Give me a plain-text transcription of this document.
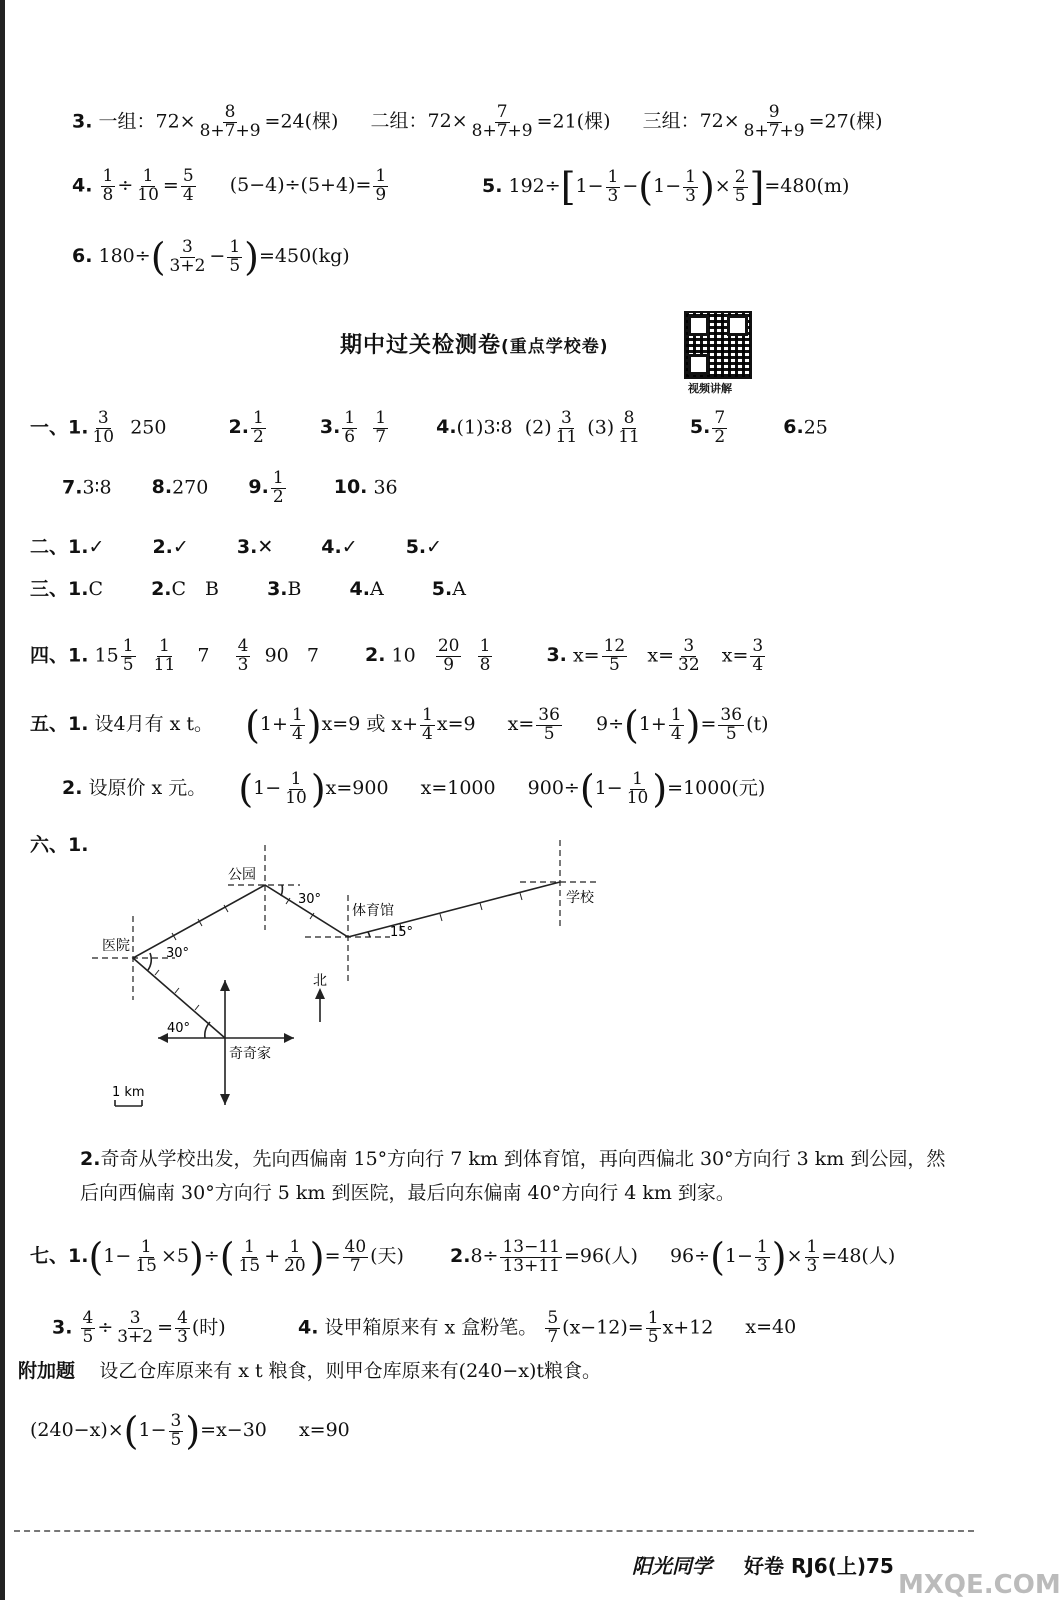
3. 一组：$72\times \frac{8}{8+7+9} =24$(棵) 二组：$72\times \frac{7}{8+7+9} =21$(棵) 三组：$72\times \frac{9}{8+7+9} =27$(棵)
4. $\frac{1}{8} \div \frac{1}{10} = \frac{5}{4} (5-4)\div(5+4)= \frac{1}{9}$	5. $192\div[1- \frac{1}{3} -(1- \frac{1}{3}$ )× $\frac{2}{5} ]=480(m)$
6. $180\div( \frac{3}{3+2} - \frac{1}{5} )=450(kg)$
期中过关检测卷(重点学校卷)
视频讲解
一、1. $\frac{3}{10} 250$	2. $\frac{1}{2}$	3. $\frac{1}{6}$
$\frac{1}{7}$	4.(1)3∶8 $(2) \frac{3}{11} (3) \frac{8}{11}$	5. $\frac{7}{2}$	6.25
7.3∶8 8.270 9. $\frac{1}{2}$	10. 36
二、1.✓	2.✓	3.✕	4.✓	5.✓
三、1.C	2.C　B	3.B	4.A	5.A
四、1. $15 \frac{1}{5}$
$\frac{1}{11} 7 \frac{4}{3} 90$ 7 2. $10 \frac{20}{9}$
$\frac{1}{8}$	3. $x= \frac{12}{5} x= \frac{3}{32} x= \frac{3}{4}$
五、1. 设4月有 x t。 $(1+ \frac{1}{4} )x=9$ 或 $x+ \frac{1}{4} x=9$ $x= \frac{36}{5} 9\div(1+ \frac{1}{4}$ )= $\frac{36}{5} (t)$
2. 设原价 x 元。 $(1- \frac{1}{10} )x=900$ x=1000 $900\div(1- \frac{1}{10} )=1000$(元)
六、1.
公园
体育馆
学校
医院
奇奇家
北
30°
30°
15°
40°
1 km
2.奇奇从学校出发，先向西偏南 15°方向行 7 km 到体育馆，再向西偏北 30°方向行 3 km 到公园，然后向西偏南 30°方向行 5 km 到医院，最后向东偏南 40°方向行 4 km 到家。
七、$1.(1- \frac{1}{15} \times 5)\div( \frac{1}{15} + \frac{1}{20}$ )= $\frac{40}{7}$ (天) $2.8\div \frac{13-11}{13+11} =96$(人) $96\div(1- \frac{1}{3}$ )× $\frac{1}{3} =48$(人)
3. $\frac{4}{5} \div \frac{3}{3+2} = \frac{4}{3}$ (时)	4. 设甲箱原来有 x 盒粉笔。 $\frac{5}{7} (x-12)= \frac{1}{5} x+12$ x=40
附加题 设乙仓库原来有 x t 粮食，则甲仓库原来有(240−x)t粮食。
$(240-x)\times(1- \frac{3}{5} )=x-30$ x=90
阳光同学 好卷 RJ6(上)75
MXQE.COM
